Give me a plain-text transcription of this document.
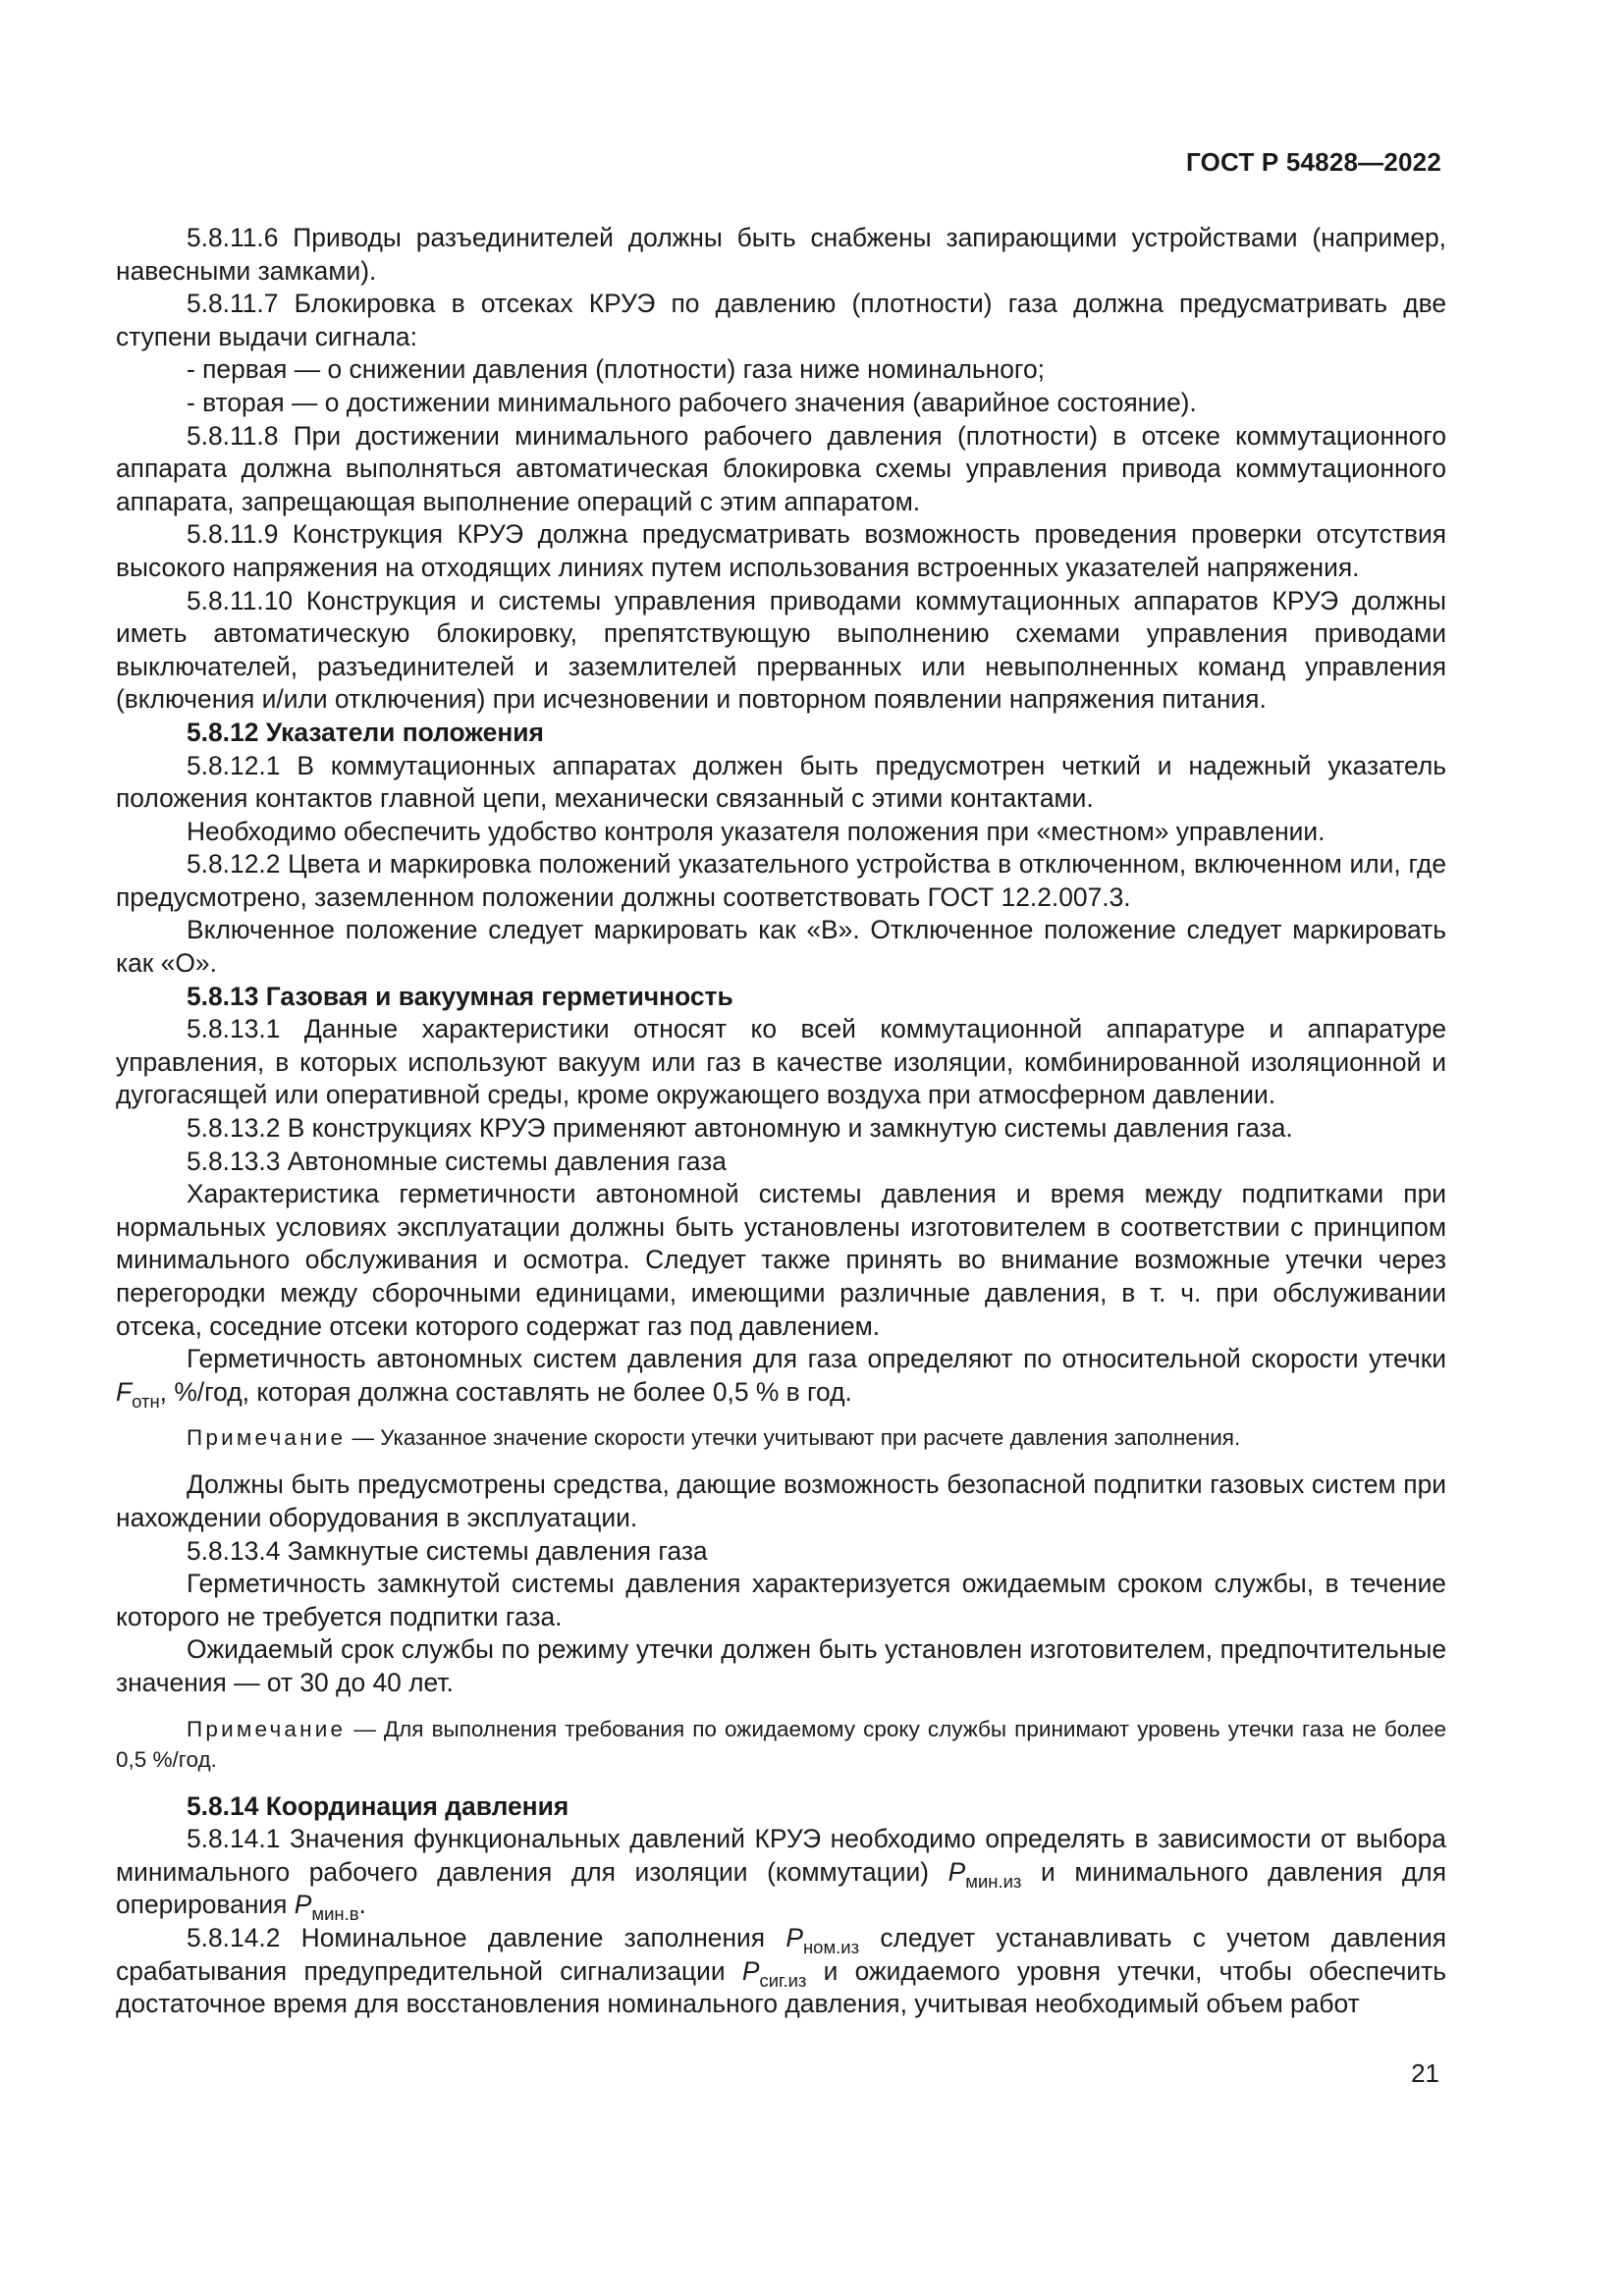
ГОСТ Р 54828—2022

5.8.11.6 Приводы разъединителей должны быть снабжены запирающими устройствами (например, навесными замками).

5.8.11.7 Блокировка в отсеках КРУЭ по давлению (плотности) газа должна предусматривать две ступени выдачи сигнала:

- первая — о снижении давления (плотности) газа ниже номинального;

- вторая — о достижении минимального рабочего значения (аварийное состояние).

5.8.11.8 При достижении минимального рабочего давления (плотности) в отсеке коммутационного аппарата должна выполняться автоматическая блокировка схемы управления привода коммутационного аппарата, запрещающая выполнение операций с этим аппаратом.

5.8.11.9 Конструкция КРУЭ должна предусматривать возможность проведения проверки отсутствия высокого напряжения на отходящих линиях путем использования встроенных указателей напряжения.

5.8.11.10 Конструкция и системы управления приводами коммутационных аппаратов КРУЭ должны иметь автоматическую блокировку, препятствующую выполнению схемами управления приводами выключателей, разъединителей и заземлителей прерванных или невыполненных команд управления (включения и/или отключения) при исчезновении и повторном появлении напряжения питания.

5.8.12 Указатели положения

5.8.12.1 В коммутационных аппаратах должен быть предусмотрен четкий и надежный указатель положения контактов главной цепи, механически связанный с этими контактами.

Необходимо обеспечить удобство контроля указателя положения при «местном» управлении.

5.8.12.2 Цвета и маркировка положений указательного устройства в отключенном, включенном или, где предусмотрено, заземленном положении должны соответствовать ГОСТ 12.2.007.3.

Включенное положение следует маркировать как «В». Отключенное положение следует маркировать как «О».

5.8.13 Газовая и вакуумная герметичность

5.8.13.1 Данные характеристики относят ко всей коммутационной аппаратуре и аппаратуре управления, в которых используют вакуум или газ в качестве изоляции, комбинированной изоляционной и дугогасящей или оперативной среды, кроме окружающего воздуха при атмосферном давлении.

5.8.13.2 В конструкциях КРУЭ применяют автономную и замкнутую системы давления газа.

5.8.13.3 Автономные системы давления газа

Характеристика герметичности автономной системы давления и время между подпитками при нормальных условиях эксплуатации должны быть установлены изготовителем в соответствии с принципом минимального обслуживания и осмотра. Следует также принять во внимание возможные утечки через перегородки между сборочными единицами, имеющими различные давления, в т. ч. при обслуживании отсека, соседние отсеки которого содержат газ под давлением.

Герметичность автономных систем давления для газа определяют по относительной скорости утечки $F_{отн}$, %/год, которая должна составлять не более 0,5 % в год.

Примечание — Указанное значение скорости утечки учитывают при расчете давления заполнения.

Должны быть предусмотрены средства, дающие возможность безопасной подпитки газовых систем при нахождении оборудования в эксплуатации.

5.8.13.4 Замкнутые системы давления газа

Герметичность замкнутой системы давления характеризуется ожидаемым сроком службы, в течение которого не требуется подпитки газа.

Ожидаемый срок службы по режиму утечки должен быть установлен изготовителем, предпочтительные значения — от 30 до 40 лет.

Примечание — Для выполнения требования по ожидаемому сроку службы принимают уровень утечки газа не более 0,5 %/год.

5.8.14 Координация давления

5.8.14.1 Значения функциональных давлений КРУЭ необходимо определять в зависимости от выбора минимального рабочего давления для изоляции (коммутации) $P_{мин.из}$ и минимального давления для оперирования $P_{мин.в}$.

5.8.14.2 Номинальное давление заполнения $P_{ном.из}$ следует устанавливать с учетом давления срабатывания предупредительной сигнализации $P_{сиг.из}$ и ожидаемого уровня утечки, чтобы обеспечить достаточное время для восстановления номинального давления, учитывая необходимый объем работ

21
